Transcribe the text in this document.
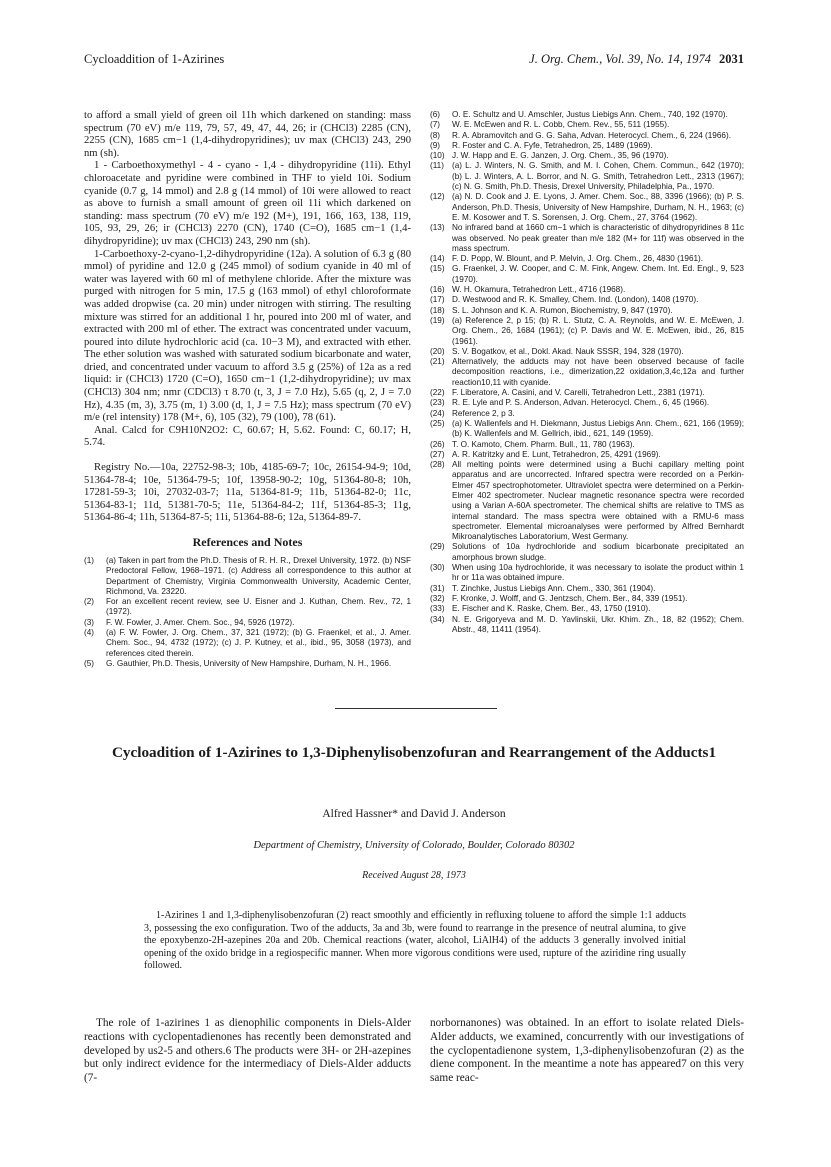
Cycloaddition of 1-Azirines	J. Org. Chem., Vol. 39, No. 14, 1974 2031

to afford a small yield of green oil 11h which darkened on standing: mass spectrum (70 eV) m/e 119, 79, 57, 49, 47, 44, 26; ir (CHCl3) 2285 (CN), 2255 (CN), 1685 cm−1 (1,4-dihydropyridines); uv max (CHCl3) 243, 290 nm (sh).

1 - Carboethoxymethyl - 4 - cyano - 1,4 - dihydropyridine (11i). Ethyl chloroacetate and pyridine were combined in THF to yield 10i. Sodium cyanide (0.7 g, 14 mmol) and 2.8 g (14 mmol) of 10i were allowed to react as above to furnish a small amount of green oil 11i which darkened on standing: mass spectrum (70 eV) m/e 192 (M+), 191, 166, 163, 138, 119, 105, 93, 29, 26; ir (CHCl3) 2270 (CN), 1740 (C=O), 1685 cm−1 (1,4-dihydropyridine); uv max (CHCl3) 243, 290 nm (sh).

1-Carboethoxy-2-cyano-1,2-dihydropyridine (12a). A solution of 6.3 g (80 mmol) of pyridine and 12.0 g (245 mmol) of sodium cyanide in 40 ml of water was layered with 60 ml of methylene chloride. After the mixture was purged with nitrogen for 5 min, 17.5 g (163 mmol) of ethyl chloroformate was added dropwise (ca. 20 min) under nitrogen with stirring. The resulting mixture was stirred for an additional 1 hr, poured into 200 ml of water, and extracted with 200 ml of ether. The extract was concentrated under vacuum, poured into dilute hydrochloric acid (ca. 10−3 M), and extracted with ether. The ether solution was washed with saturated sodium bicarbonate and water, dried, and concentrated under vacuum to afford 3.5 g (25%) of 12a as a red liquid: ir (CHCl3) 1720 (C=O), 1650 cm−1 (1,2-dihydropyridine); uv max (CHCl3) 304 nm; nmr (CDCl3) τ 8.70 (t, 3, J = 7.0 Hz), 5.65 (q, 2, J = 7.0 Hz), 4.35 (m, 3), 3.75 (m, 1) 3.00 (d, 1, J = 7.5 Hz); mass spectrum (70 eV) m/e (rel intensity) 178 (M+, 6), 105 (32), 79 (100), 78 (61).

Anal. Calcd for C9H10N2O2: C, 60.67; H, 5.62. Found: C, 60.17; H, 5.74.

Registry No.—10a, 22752-98-3; 10b, 4185-69-7; 10c, 26154-94-9; 10d, 51364-78-4; 10e, 51364-79-5; 10f, 13958-90-2; 10g, 51364-80-8; 10h, 17281-59-3; 10i, 27032-03-7; 11a, 51364-81-9; 11b, 51364-82-0; 11c, 51364-83-1; 11d, 51381-70-5; 11e, 51364-84-2; 11f, 51364-85-3; 11g, 51364-86-4; 11h, 51364-87-5; 11i, 51364-88-6; 12a, 51364-89-7.

References and Notes
(1)	(a) Taken in part from the Ph.D. Thesis of R. H. R., Drexel University, 1972. (b) NSF Predoctoral Fellow, 1968–1971. (c) Address all correspondence to this author at Department of Chemistry, Virginia Commonwealth University, Academic Center, Richmond, Va. 23220.
(2)	For an excellent recent review, see U. Eisner and J. Kuthan, Chem. Rev., 72, 1 (1972).
(3)	F. W. Fowler, J. Amer. Chem. Soc., 94, 5926 (1972).
(4)	(a) F. W. Fowler, J. Org. Chem., 37, 321 (1972); (b) G. Fraenkel, et al., J. Amer. Chem. Soc., 94, 4732 (1972); (c) J. P. Kutney, et al., ibid., 95, 3058 (1973), and references cited therein.
(5)	G. Gauthier, Ph.D. Thesis, University of New Hampshire, Durham, N. H., 1966.
(6)	O. E. Schultz and U. Amschler, Justus Liebigs Ann. Chem., 740, 192 (1970).
(7)	W. E. McEwen and R. L. Cobb, Chem. Rev., 55, 511 (1955).
(8)	R. A. Abramovitch and G. G. Saha, Advan. Heterocycl. Chem., 6, 224 (1966).
(9)	R. Foster and C. A. Fyfe, Tetrahedron, 25, 1489 (1969).
(10) J. W. Happ and E. G. Janzen, J. Org. Chem., 35, 96 (1970).
(11) (a) L. J. Winters, N. G. Smith, and M. I. Cohen, Chem. Commun., 642 (1970); (b) L. J. Winters, A. L. Borror, and N. G. Smith, Tetrahedron Lett., 2313 (1967); (c) N. G. Smith, Ph.D. Thesis, Drexel University, Philadelphia, Pa., 1970.
(12) (a) N. D. Cook and J. E. Lyons, J. Amer. Chem. Soc., 88, 3396 (1966); (b) P. S. Anderson, Ph.D. Thesis, University of New Hampshire, Durham, N. H., 1963; (c) E. M. Kosower and T. S. Sorensen, J. Org. Chem., 27, 3764 (1962).
(13) No infrared band at 1660 cm−1 which is characteristic of dihydropyridines 8 11c was observed. No peak greater than m/e 182 (M+ for 11f) was observed in the mass spectrum.
(14) F. D. Popp, W. Blount, and P. Melvin, J. Org. Chem., 26, 4830 (1961).
(15) G. Fraenkel, J. W. Cooper, and C. M. Fink, Angew. Chem. Int. Ed. Engl., 9, 523 (1970).
(16) W. H. Okamura, Tetrahedron Lett., 4716 (1968).
(17) D. Westwood and R. K. Smalley, Chem. Ind. (London), 1408 (1970).
(18) S. L. Johnson and K. A. Rumon, Biochemistry, 9, 847 (1970).
(19) (a) Reference 2, p 15; (b) R. L. Stutz, C. A. Reynolds, and W. E. McEwen, J. Org. Chem., 26, 1684 (1961); (c) P. Davis and W. E. McEwen, ibid., 26, 815 (1961).
(20) S. V. Bogatkov, et al., Dokl. Akad. Nauk SSSR, 194, 328 (1970).
(21) Alternatively, the adducts may not have been observed because of facile decomposition reactions, i.e., dimerization,22 oxidation,3,4c,12a and further reaction10,11 with cyanide.
(22) F. Liberatore, A. Casini, and V. Carelli, Tetrahedron Lett., 2381 (1971).
(23) R. E. Lyle and P. S. Anderson, Advan. Heterocycl. Chem., 6, 45 (1966).
(24) Reference 2, p 3.
(25) (a) K. Wallenfels and H. Diekmann, Justus Liebigs Ann. Chem., 621, 166 (1959); (b) K. Wallenfels and M. Gellrich, ibid., 621, 149 (1959).
(26) T. O. Kamoto, Chem. Pharm. Bull., 11, 780 (1963).
(27) A. R. Katritzky and E. Lunt, Tetrahedron, 25, 4291 (1969).
(28) All melting points were determined using a Buchi capillary melting point apparatus and are uncorrected. Infrared spectra were recorded on a Perkin-Elmer 457 spectrophotometer. Ultraviolet spectra were determined on a Perkin-Elmer 402 spectrometer. Nuclear magnetic resonance spectra were recorded using a Varian A-60A spectrometer. The chemical shifts are relative to TMS as internal standard. The mass spectra were obtained with a RMU-6 mass spectrometer. Elemental microanalyses were performed by Alfred Bernhardt Mikroanalytisches Laboratorium, West Germany.
(29) Solutions of 10a hydrochloride and sodium bicarbonate precipitated an amorphous brown sludge.
(30) When using 10a hydrochloride, it was necessary to isolate the product within 1 hr or 11a was obtained impure.
(31) T. Zinchke, Justus Liebigs Ann. Chem., 330, 361 (1904).
(32) F. Kronke, J. Wolff, and G. Jentzsch, Chem. Ber., 84, 339 (1951).
(33) E. Fischer and K. Raske, Chem. Ber., 43, 1750 (1910).
(34) N. E. Grigoryeva and M. D. Yavlinskii, Ukr. Khim. Zh., 18, 82 (1952); Chem. Abstr., 48, 11411 (1954).
Cycloadition of 1-Azirines to 1,3-Diphenylisobenzofuran and Rearrangement of the Adducts1
Alfred Hassner* and David J. Anderson
Department of Chemistry, University of Colorado, Boulder, Colorado 80302
Received August 28, 1973

1-Azirines 1 and 1,3-diphenylisobenzofuran (2) react smoothly and efficiently in refluxing toluene to afford the simple 1:1 adducts 3, possessing the exo configuration. Two of the adducts, 3a and 3b, were found to rearrange in the presence of neutral alumina, to give the epoxybenzo-2H-azepines 20a and 20b. Chemical reactions (water, alcohol, LiAlH4) of the adducts 3 generally involved initial opening of the oxido bridge in a regiospecific manner. When more vigorous conditions were used, rupture of the aziridine ring usually followed.

The role of 1-azirines 1 as dienophilic components in Diels-Alder reactions with cyclopentadienones has recently been demonstrated and developed by us2-5 and others.6 The products were 3H- or 2H-azepines but only indirect evidence for the intermediacy of Diels-Alder adducts (7-

norbornanones) was obtained. In an effort to isolate related Diels-Alder adducts, we examined, concurrently with our investigations of the cyclopentadienone system, 1,3-diphenylisobenzofuran (2) as the diene component. In the meantime a note has appeared7 on this very same reac-
